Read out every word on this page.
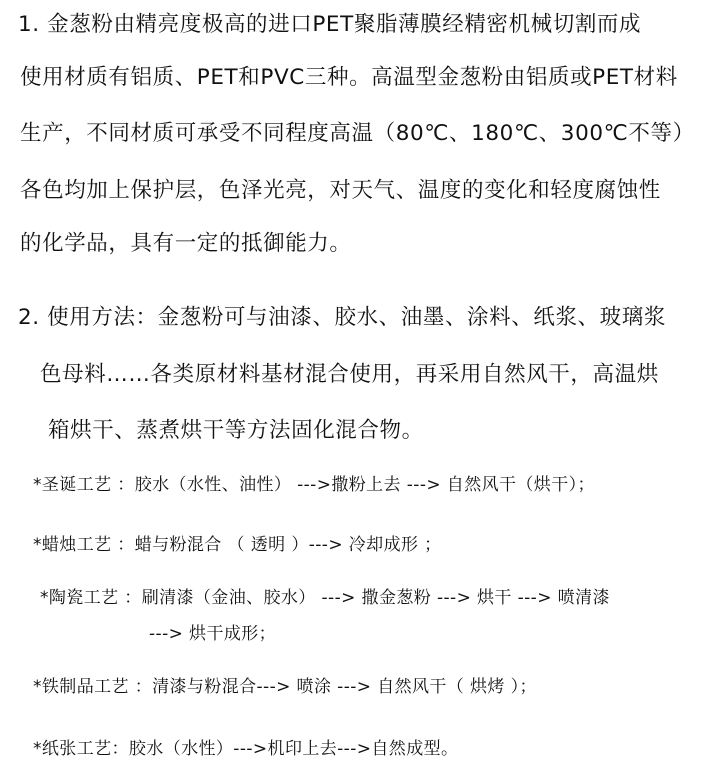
1. 金葱粉由精亮度极高的进口PET聚脂薄膜经精密机械切割而成

使用材质有铝质、PET和PVC三种。高温型金葱粉由铝质或PET材料

生产，不同材质可承受不同程度高温（80℃、180℃、300℃不等）

各色均加上保护层，色泽光亮，对天气、温度的变化和轻度腐蚀性

的化学品，具有一定的抵御能力。

2. 使用方法：金葱粉可与油漆、胶水、油墨、涂料、纸浆、玻璃浆

色母料……各类原材料基材混合使用，再采用自然风干，高温烘

箱烘干、蒸煮烘干等方法固化混合物。

*圣诞工艺 ：胶水（水性、油性） --->撒粉上去 ---> 自然风干（烘干）；

*蜡烛工艺 ：蜡与粉混合 （ 透明 ）---> 冷却成形 ；

*陶瓷工艺 ：刷清漆（金油、胶水） ---> 撒金葱粉 ---> 烘干 ---> 喷清漆

---> 烘干成形；

*铁制品工艺 ：清漆与粉混合---> 喷涂 ---> 自然风干（ 烘烤 ）；

*纸张工艺：胶水（水性）--->机印上去--->自然成型。
